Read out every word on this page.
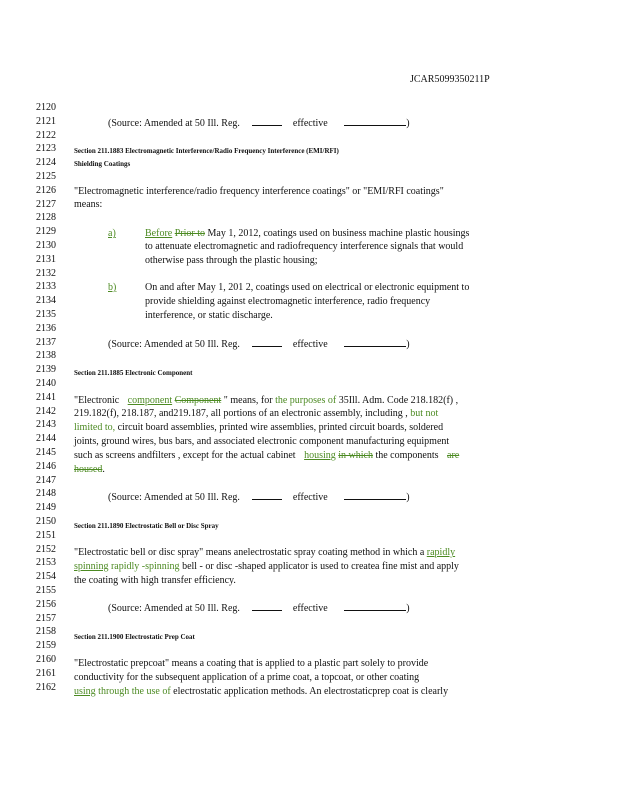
JCAR5099350211P
2120
2121
2122
2123
2124
2125
2126
2127
2128
2129
2130
2131
2132
2133
2134
2135
2136
2137
2138
2139
2140
2141
2142
2143
2144
2145
2146
2147
2148
2149
2150
2151
2152
2153
2154
2155
2156
2157
2158
2159
2160
2161
2162
(Source: Amended at 50 Ill. Reg.	effective	)
Section 211.1883 Electromagnetic Interference/Radio Frequency Interference (EMI/RFI)
Shielding Coatings
"Electromagnetic interference/radio frequency interference coatings" or "EMI/RFI coatings"
means:
a)	Before Prior to May 1, 2012, coatings used on business machine plastic housings
to attenuate electromagnetic and radiofrequency interference signals that would
otherwise pass through the plastic housing;
b)	On and after May 1, 201 2, coatings used on electrical or electronic equipment to
provide shielding against electromagnetic interference, radio frequency
interference, or static discharge.
(Source: Amended at 50 Ill. Reg.	effective	)
Section 211.1885 Electronic Component
"Electronic component Component " means, for the purposes of 35Ill. Adm. Code 218.182(f) ,
219.182(f), 218.187, and219.187, all portions of an electronic assembly, including , but not
limited to, circuit board assemblies, printed wire assemblies, printed circuit boards, soldered
joints, ground wires, bus bars, and associated electronic component manufacturing equipment
such as screens andfilters , except for the actual cabinet housing in which the components are
housed.
(Source: Amended at 50 Ill. Reg.	effective	)
Section 211.1890 Electrostatic Bell or Disc Spray
"Electrostatic bell or disc spray" means anelectrostatic spray coating method in which a rapidly
spinning rapidly -spinning bell - or disc -shaped applicator is used to createa fine mist and apply
the coating with high transfer efficiency.
(Source: Amended at 50 Ill. Reg.	effective	)
Section 211.1900 Electrostatic Prep Coat
"Electrostatic prepcoat" means a coating that is applied to a plastic part solely to provide
conductivity for the subsequent application of a prime coat, a topcoat, or other coating
using through the use of electrostatic application methods. An electrostaticprep coat is clearly
